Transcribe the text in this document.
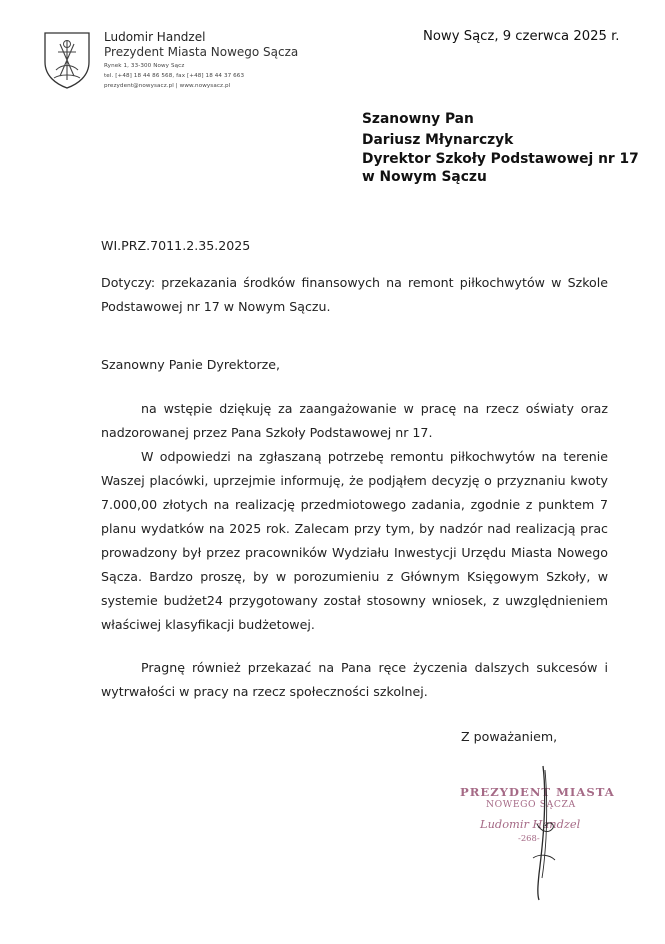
Ludomir Handzel
Prezydent Miasta Nowego Sącza
Rynek 1, 33-300 Nowy Sącz
tel. [+48] 18 44 86 568, fax [+48] 18 44 37 663
prezydent@nowysacz.pl | www.nowysacz.pl
Nowy Sącz, 9 czerwca 2025 r.
Szanowny Pan
Dariusz Młynarczyk
Dyrektor Szkoły Podstawowej nr 17
w Nowym Sączu
WI.PRZ.7011.2.35.2025
Dotyczy: przekazania środków finansowych na remont piłkochwytów w Szkole Podstawowej nr 17 w Nowym Sączu.
Szanowny Panie Dyrektorze,
na wstępie dziękuję za zaangażowanie w pracę na rzecz oświaty oraz nadzorowanej przez Pana Szkoły Podstawowej nr 17.
W odpowiedzi na zgłaszaną potrzebę remontu piłkochwytów na terenie Waszej placówki, uprzejmie informuję, że podjąłem decyzję o przyznaniu kwoty 7.000,00 złotych na realizację przedmiotowego zadania, zgodnie z punktem 7 planu wydatków na 2025 rok. Zalecam przy tym, by nadzór nad realizacją prac prowadzony był przez pracowników Wydziału Inwestycji Urzędu Miasta Nowego Sącza. Bardzo proszę, by w porozumieniu z Głównym Księgowym Szkoły, w systemie budżet24 przygotowany został stosowny wniosek, z uwzględnieniem właściwej klasyfikacji budżetowej.
Pragnę również przekazać na Pana ręce życzenia dalszych sukcesów i wytrwałości w pracy na rzecz społeczności szkolnej.
Z poważaniem,
PREZYDENT MIASTA
NOWEGO SĄCZA
Ludomir Handzel
-268-
